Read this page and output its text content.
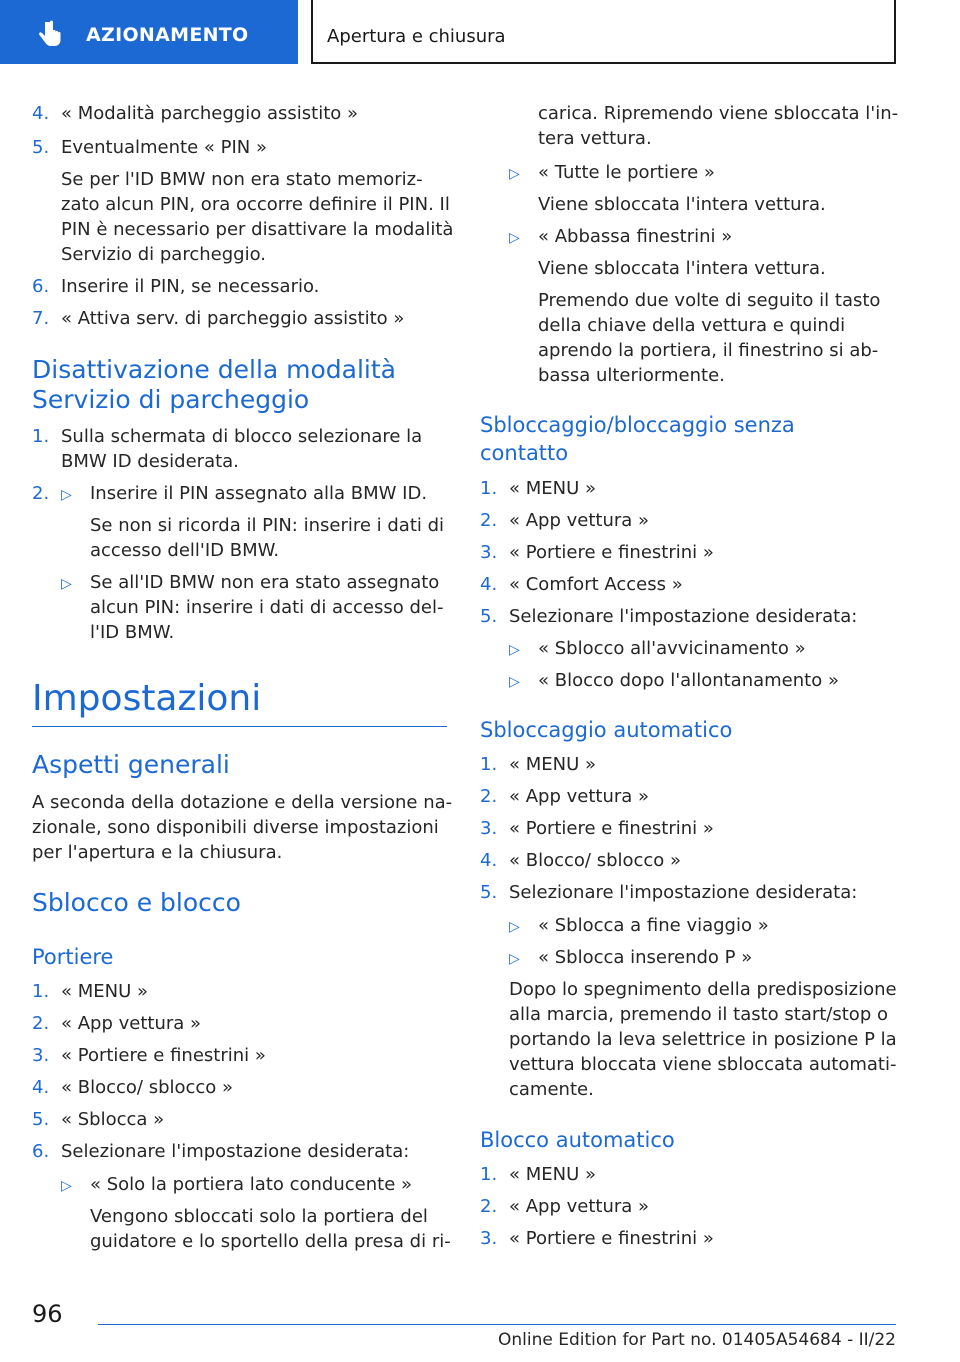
AZIONAMENTO	Apertura e chiusura
4. « Modalità parcheggio assistito »
5. Eventualmente « PIN »
Se per l'ID BMW non era stato memoriz-
zato alcun PIN, ora occorre definire il PIN. Il
PIN è necessario per disattivare la modalità
Servizio di parcheggio.
6. Inserire il PIN, se necessario.
7. « Attiva serv. di parcheggio assistito »
Disattivazione della modalità
Servizio di parcheggio
1. Sulla schermata di blocco selezionare la
BMW ID desiderata.
2. ▷ Inserire il PIN assegnato alla BMW ID.
Se non si ricorda il PIN: inserire i dati di
accesso dell'ID BMW.
▷ Se all'ID BMW non era stato assegnato
alcun PIN: inserire i dati di accesso del-
l'ID BMW.
Impostazioni
Aspetti generali
A seconda della dotazione e della versione na-
zionale, sono disponibili diverse impostazioni
per l'apertura e la chiusura.
Sblocco e blocco
Portiere
1. « MENU »
2. « App vettura »
3. « Portiere e finestrini »
4. « Blocco/ sblocco »
5. « Sblocca »
6. Selezionare l'impostazione desiderata:
▷ « Solo la portiera lato conducente »
Vengono sbloccati solo la portiera del
guidatore e lo sportello della presa di ri-
carica. Ripremendo viene sbloccata l'in-
tera vettura.
▷ « Tutte le portiere »
Viene sbloccata l'intera vettura.
▷ « Abbassa finestrini »
Viene sbloccata l'intera vettura.
Premendo due volte di seguito il tasto
della chiave della vettura e quindi
aprendo la portiera, il finestrino si ab-
bassa ulteriormente.
Sbloccaggio/bloccaggio senza
contatto
1. « MENU »
2. « App vettura »
3. « Portiere e finestrini »
4. « Comfort Access »
5. Selezionare l'impostazione desiderata:
▷ « Sblocco all'avvicinamento »
▷ « Blocco dopo l'allontanamento »
Sbloccaggio automatico
1. « MENU »
2. « App vettura »
3. « Portiere e finestrini »
4. « Blocco/ sblocco »
5. Selezionare l'impostazione desiderata:
▷ « Sblocca a fine viaggio »
▷ « Sblocca inserendo P »
Dopo lo spegnimento della predisposizione
alla marcia, premendo il tasto start/stop o
portando la leva selettrice in posizione P la
vettura bloccata viene sbloccata automati-
camente.
Blocco automatico
1. « MENU »
2. « App vettura »
3. « Portiere e finestrini »
96
Online Edition for Part no. 01405A54684 - II/22
